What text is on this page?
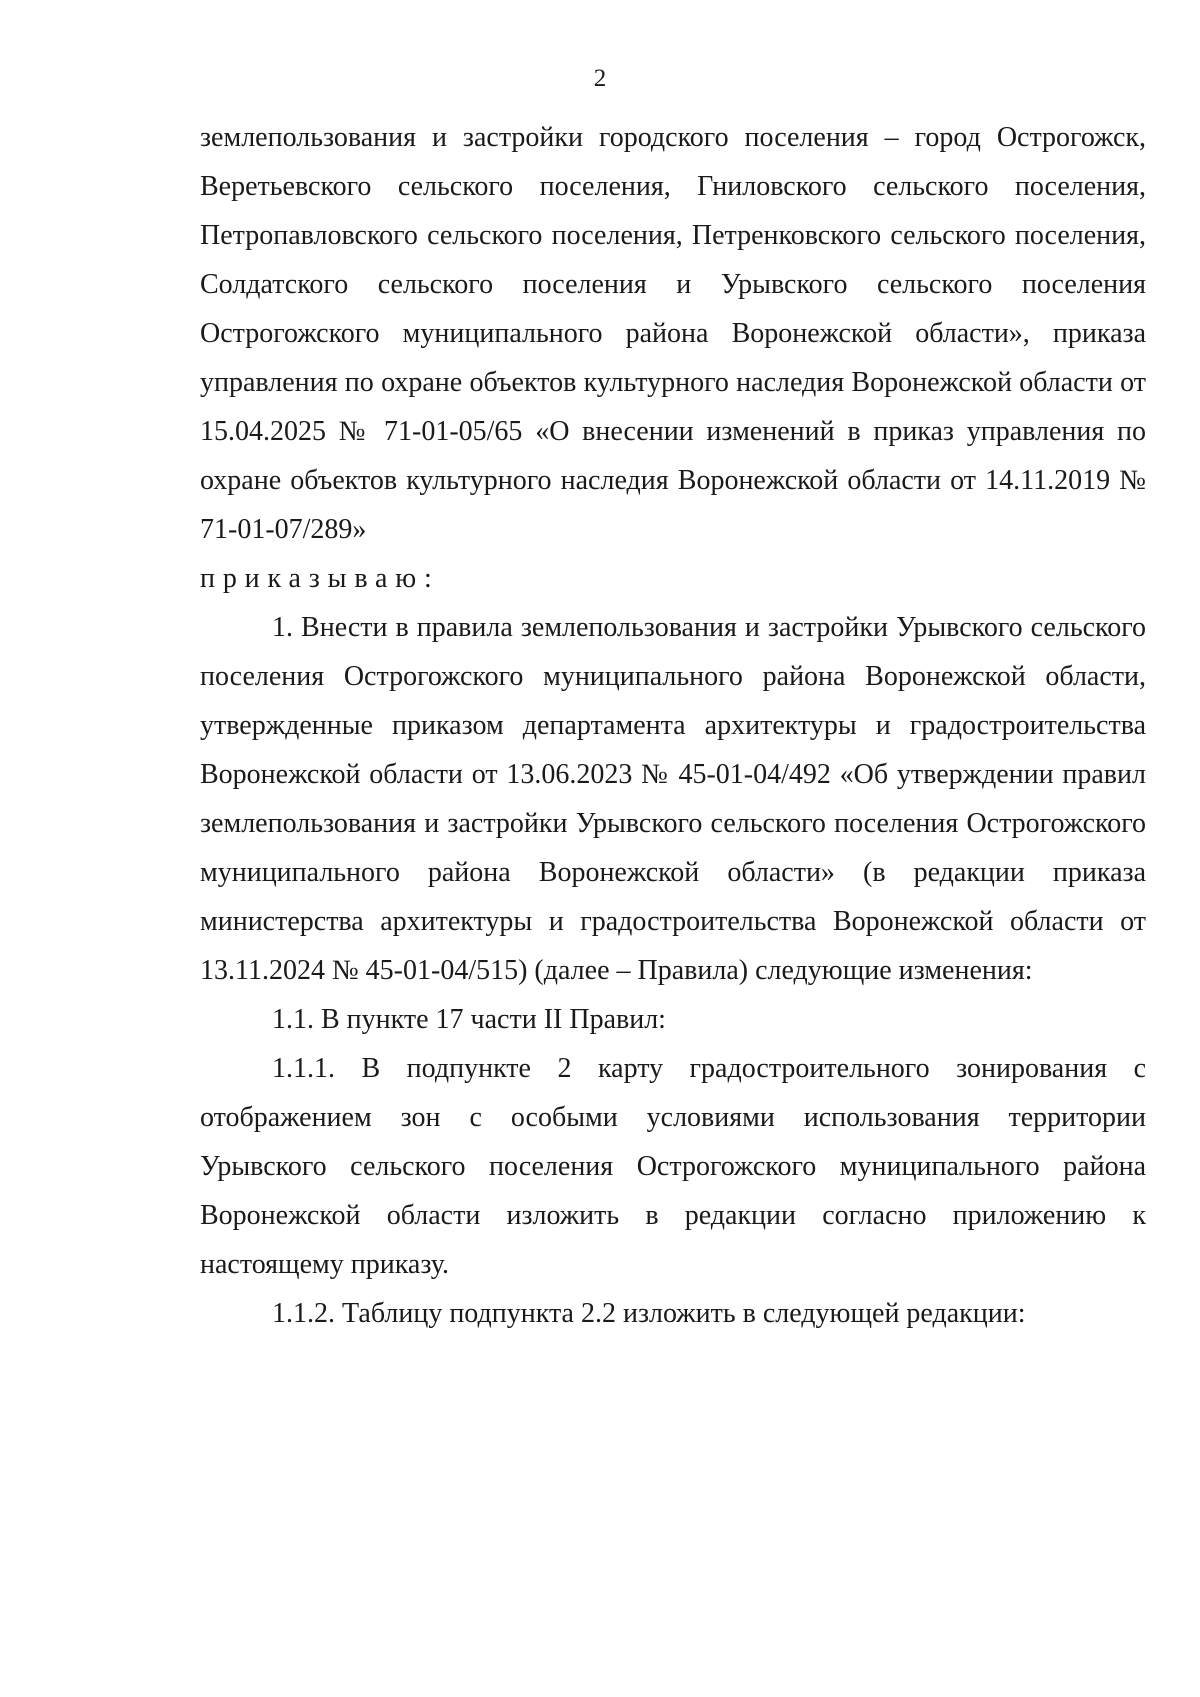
2

землепользования и застройки городского поселения – город Острогожск, Веретьевского сельского поселения, Гниловского сельского поселения, Петропавловского сельского поселения, Петренковского сельского поселения, Солдатского сельского поселения и Урывского сельского поселения Острогожского муниципального района Воронежской области», приказа управления по охране объектов культурного наследия Воронежской области от 15.04.2025 № 71-01-05/65 «О внесении изменений в приказ управления по охране объектов культурного наследия Воронежской области от 14.11.2019 № 71-01-07/289»

приказываю:

1. Внести в правила землепользования и застройки Урывского сельского поселения Острогожского муниципального района Воронежской области, утвержденные приказом департамента архитектуры и градостроительства Воронежской области от 13.06.2023 № 45-01-04/492 «Об утверждении правил землепользования и застройки Урывского сельского поселения Острогожского муниципального района Воронежской области» (в редакции приказа министерства архитектуры и градостроительства Воронежской области от 13.11.2024 № 45-01-04/515) (далее – Правила) следующие изменения:

1.1. В пункте 17 части II Правил:

1.1.1. В подпункте 2 карту градостроительного зонирования с отображением зон с особыми условиями использования территории Урывского сельского поселения Острогожского муниципального района Воронежской области изложить в редакции согласно приложению к настоящему приказу.

1.1.2. Таблицу подпункта 2.2 изложить в следующей редакции:
